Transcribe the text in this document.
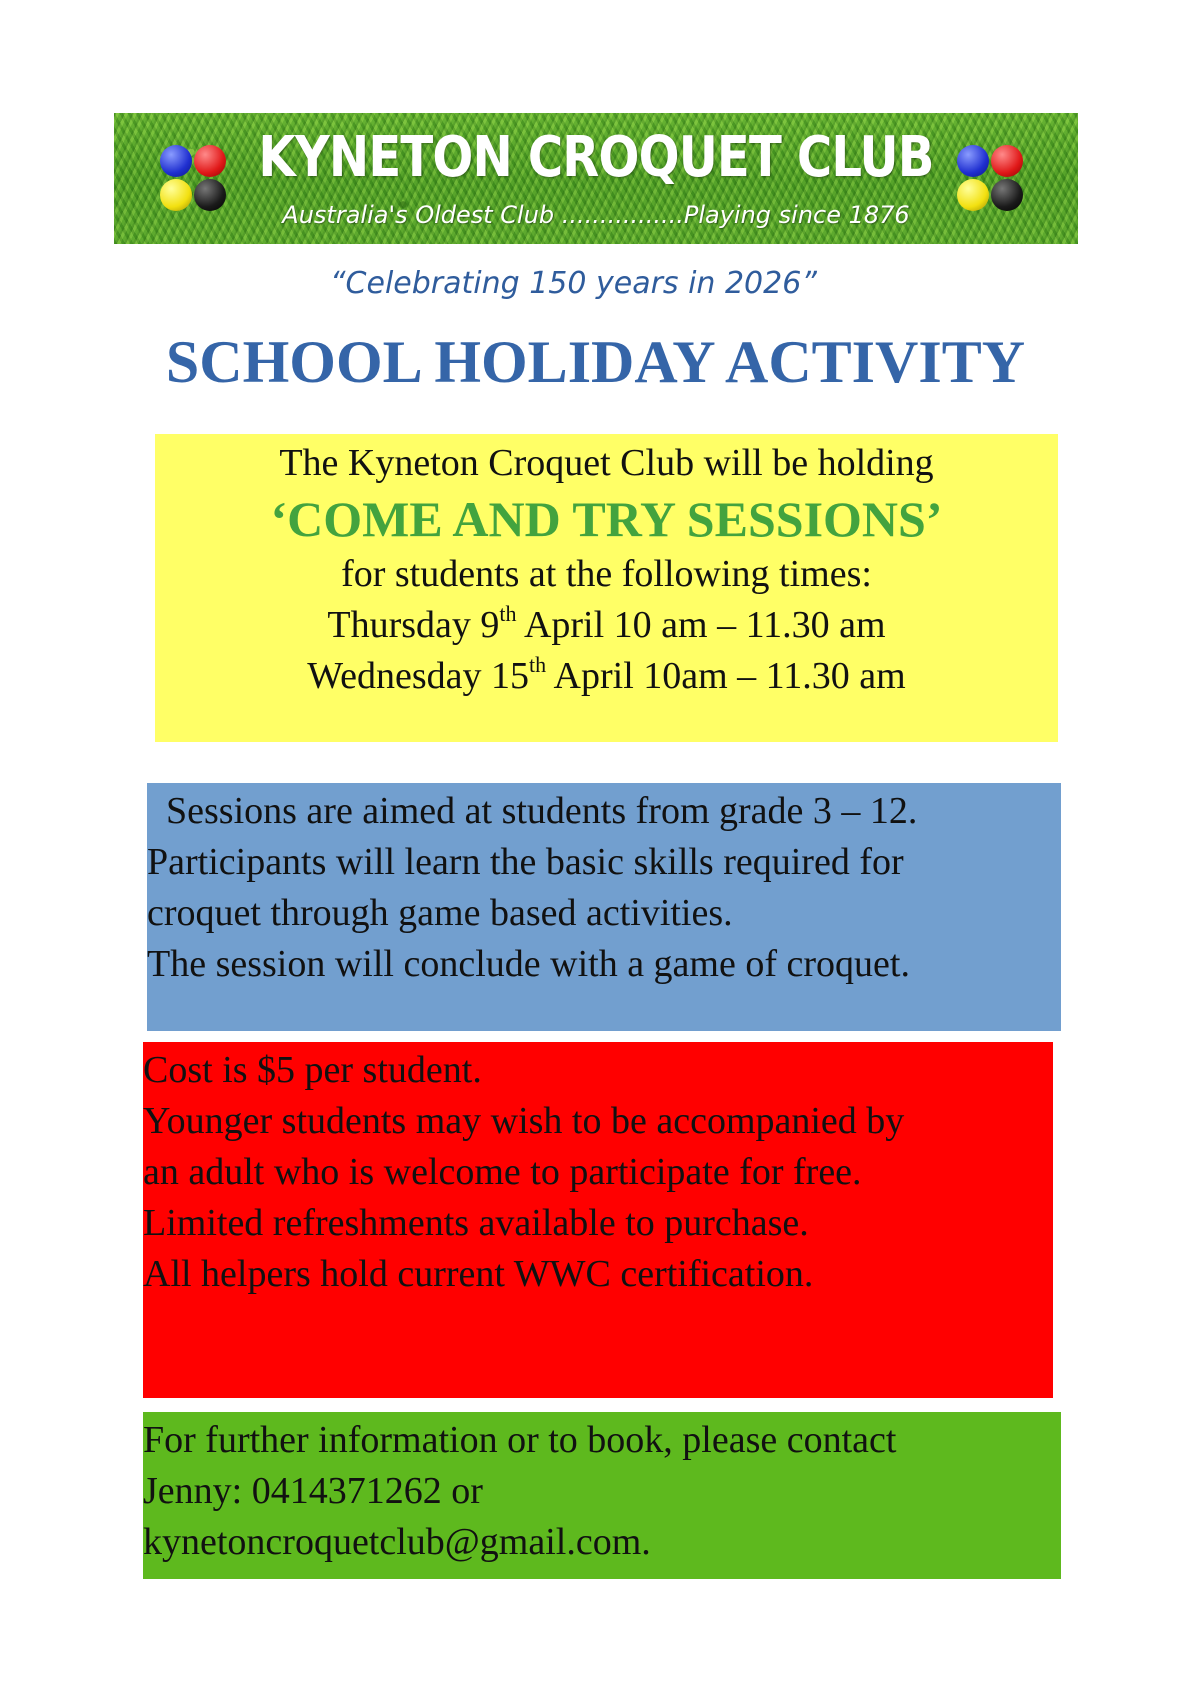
KYNETON CROQUET CLUB
Australia's Oldest Club ................Playing since 1876
“Celebrating 150 years in 2026”
SCHOOL HOLIDAY ACTIVITY
The Kyneton Croquet Club will be holding
‘COME AND TRY SESSIONS’
for students at the following times:
Thursday 9th April 10 am – 11.30 am
Wednesday 15th April 10am – 11.30 am
Sessions are aimed at students from grade 3 – 12.
Participants will learn the basic skills required for
croquet through game based activities.
The session will conclude with a game of croquet.
Cost is $5 per student.
Younger students may wish to be accompanied by
an adult who is welcome to participate for free.
Limited refreshments available to purchase.
All helpers hold current WWC certification.
For further information or to book, please contact
Jenny: 0414371262 or
kynetoncroquetclub@gmail.com.
